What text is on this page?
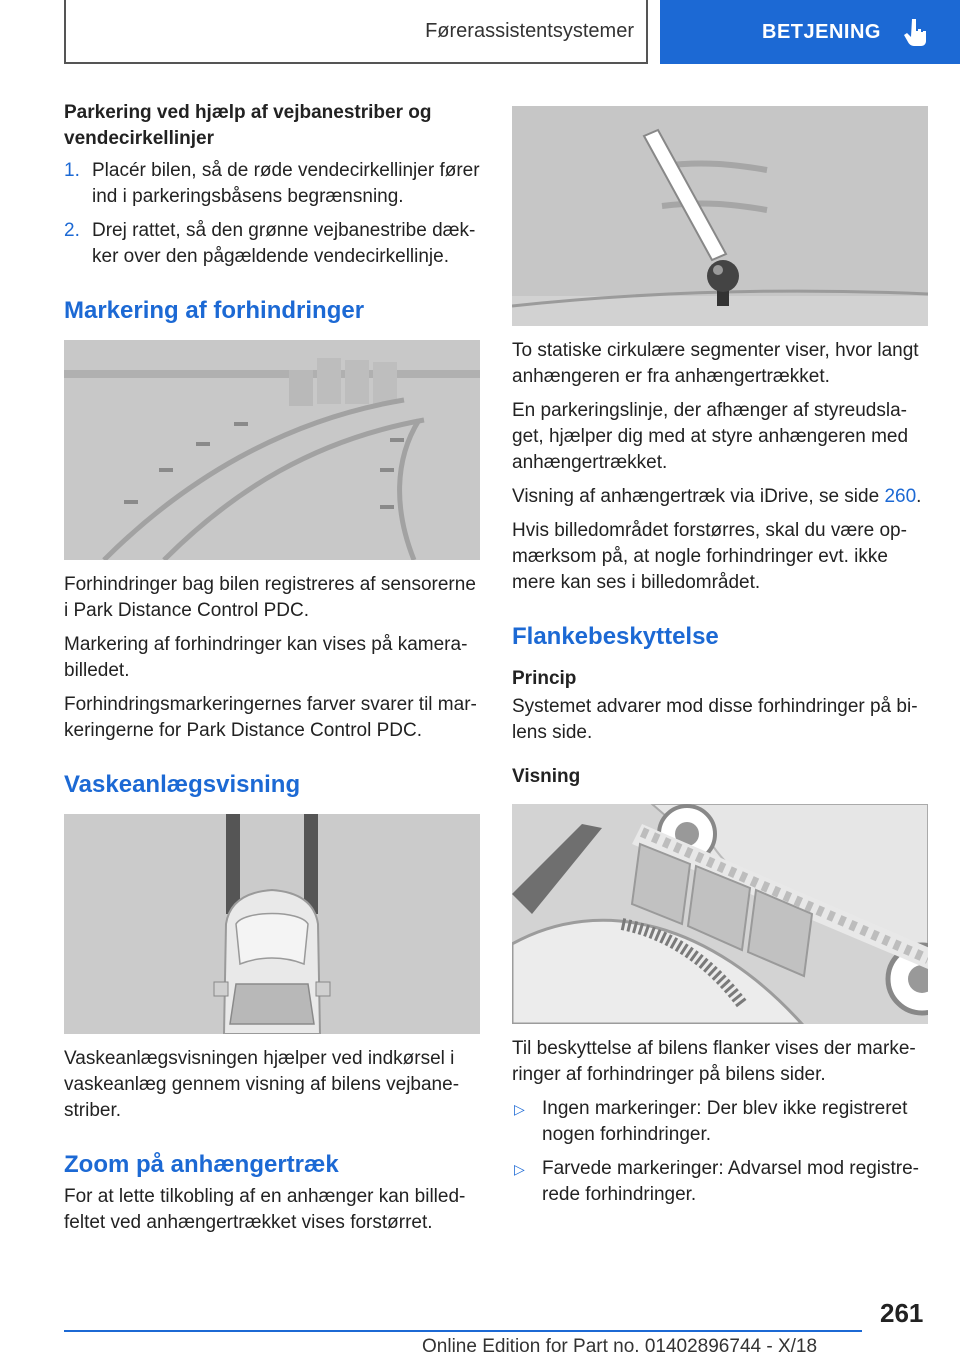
Førerassistentsystemer	BETJENING
Parkering ved hjælp af vejbanestriber og vendecirkellinjer
1. Placér bilen, så de røde vendecirkellinjer fører ind i parkeringsbåsens begrænsning.
2. Drej rattet, så den grønne vejbanestribe dæk‐ker over den pågældende vendecirkellinje.
Markering af forhindringer

Forhindringer bag bilen registreres af sensorerne i Park Distance Control PDC.

Markering af forhindringer kan vises på kamera‐billedet.

Forhindringsmarkeringernes farver svarer til mar‐keringerne for Park Distance Control PDC.

Vaskeanlægsvisning

Vaskeanlægsvisningen hjælper ved indkørsel i vaskeanlæg gennem visning af bilens vejbane‐striber.

Zoom på anhængertræk

For at lette tilkobling af en anhænger kan billed‐feltet ved anhængertrækket vises forstørret.

To statiske cirkulære segmenter viser, hvor langt anhængeren er fra anhængertrækket.

En parkeringslinje, der afhænger af styreudsla‐get, hjælper dig med at styre anhængeren med anhængertrækket.

Visning af anhængertræk via iDrive, se side 260.

Hvis billedområdet forstørres, skal du være op‐mærksom på, at nogle forhindringer evt. ikke mere kan ses i billedområdet.

Flankebeskyttelse
Princip

Systemet advarer mod disse forhindringer på bi‐lens side.

Visning

Til beskyttelse af bilens flanker vises der marke‐ringer af forhindringer på bilens sider.

▷ Ingen markeringer: Der blev ikke registreret nogen forhindringer.
▷ Farvede markeringer: Advarsel mod registre‐rede forhindringer.
261
Online Edition for Part no. 01402896744 - X/18
